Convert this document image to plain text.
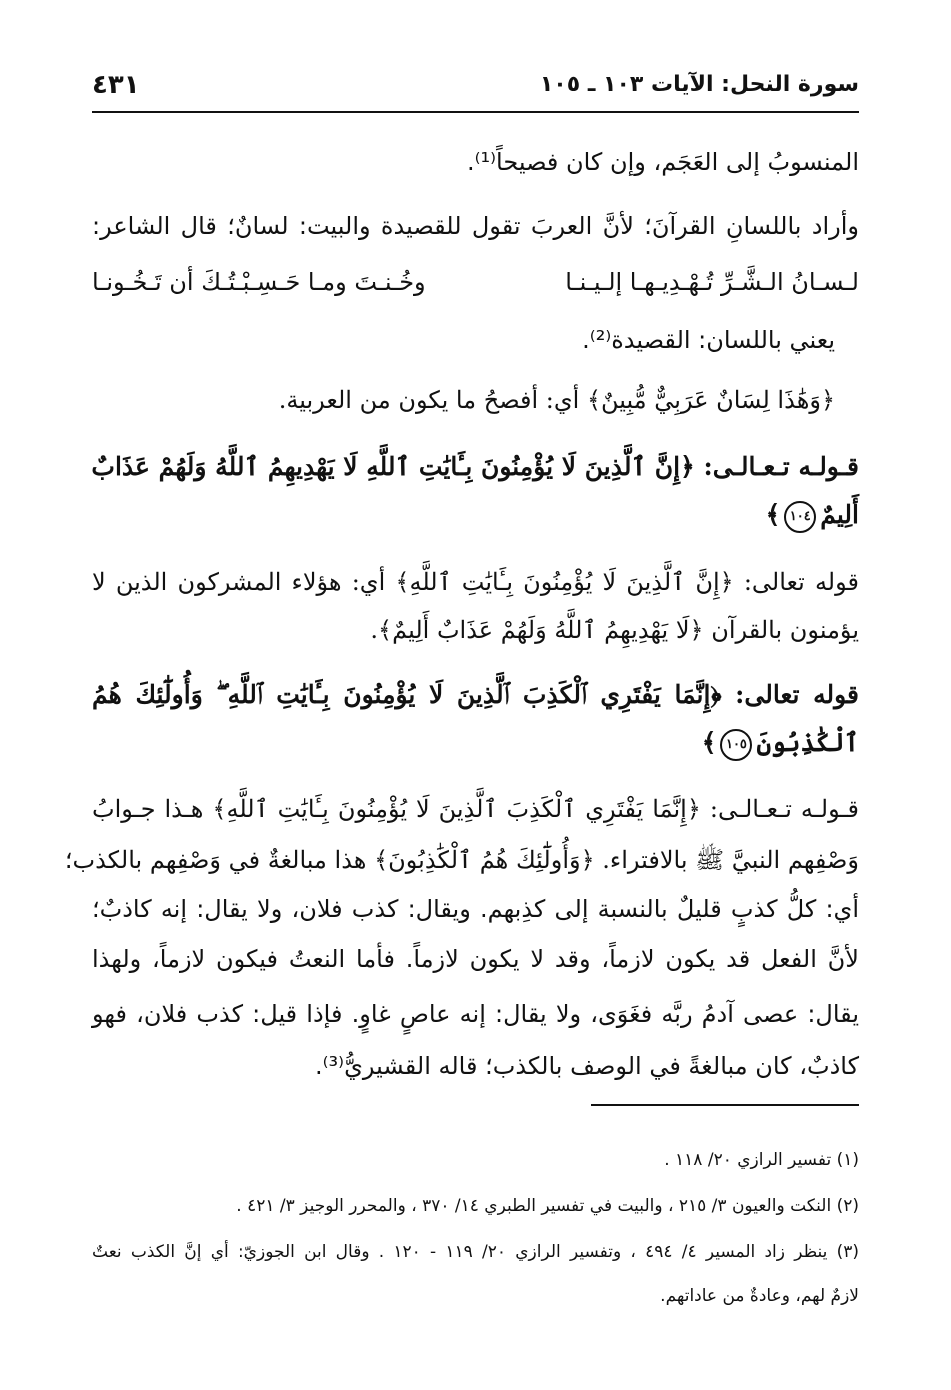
سورة النحل: الآيات ١٠٣ ـ ١٠٥
٤٣١
المنسوبُ إلى العَجَم، وإن كان فصيحاً⁽¹⁾.
وأراد باللسانِ القرآنَ؛ لأنَّ العربَ تقول للقصيدة والبيت: لسانٌ؛ قال الشاعر:
لـسـانُ الـشَّـرِّ تُـهْـدِيـهـا إلـيـنـا
وخُـنـتَ ومـا حَـسِـبْـتُـكَ أن تَـخُـونـا
يعني باللسان: القصيدة⁽²⁾.
﴿وَهَٰذَا لِسَانٌ عَرَبِيٌّ مُّبِينٌ﴾ أي: أفصحُ ما يكون من العربية.
قـولـه تـعـالـى: ﴿إِنَّ ٱلَّذِينَ لَا يُؤْمِنُونَ بِـَٔايَٰتِ ٱللَّهِ لَا يَهْدِيهِمُ ٱللَّهُ وَلَهُمْ عَذَابٌ
أَلِيمٌ١٠٤﴾
قوله تعالى: ﴿إِنَّ ٱلَّذِينَ لَا يُؤْمِنُونَ بِـَٔايَٰتِ ٱللَّهِ﴾ أي: هؤلاء المشركون الذين لا
يؤمنون بالقرآن ﴿لَا يَهْدِيهِمُ ٱللَّهُ وَلَهُمْ عَذَابٌ أَلِيمٌ﴾.
قوله تعالى: ﴿إِنَّمَا يَفْتَرِي ٱلْكَذِبَ ٱلَّذِينَ لَا يُؤْمِنُونَ بِـَٔايَٰتِ ٱللَّهِ ۖ وَأُولَٰٓئِكَ هُمُ
ٱلْكَٰذِبُونَ١٠٥﴾
قـولـه تـعـالـى: ﴿إِنَّمَا يَفْتَرِي ٱلْكَذِبَ ٱلَّذِينَ لَا يُؤْمِنُونَ بِـَٔايَٰتِ ٱللَّهِ﴾ هـذا جـوابُ
وَصْفِهم النبيَّ ﷺ بالافتراء. ﴿وَأُولَٰٓئِكَ هُمُ ٱلْكَٰذِبُونَ﴾ هذا مبالغةٌ في وَصْفِهم بالكذب؛
أي: كلُّ كذبٍ قليلٌ بالنسبة إلى كذِبهم. ويقال: كذب فلان، ولا يقال: إنه كاذبٌ؛
لأنَّ الفعل قد يكون لازماً، وقد لا يكون لازماً. فأما النعتُ فيكون لازماً، ولهذا
يقال: عصى آدمُ ربَّه فغَوَى، ولا يقال: إنه عاصٍ غاوٍ. فإذا قيل: كذب فلان، فهو
كاذبٌ، كان مبالغةً في الوصف بالكذب؛ قاله القشيريُّ⁽³⁾.
(١) تفسير الرازي ٢٠/ ١١٨ .
(٢) النكت والعيون ٣/ ٢١٥ ، والبيت في تفسير الطبري ١٤/ ٣٧٠ ، والمحرر الوجيز ٣/ ٤٢١ .
(٣) ينظر زاد المسير ٤/ ٤٩٤ ، وتفسير الرازي ٢٠/ ١١٩ - ١٢٠ . وقال ابن الجوزيّ: أي إنَّ الكذب نعتٌ
لازمٌ لهم، وعادةٌ من عاداتهم.
